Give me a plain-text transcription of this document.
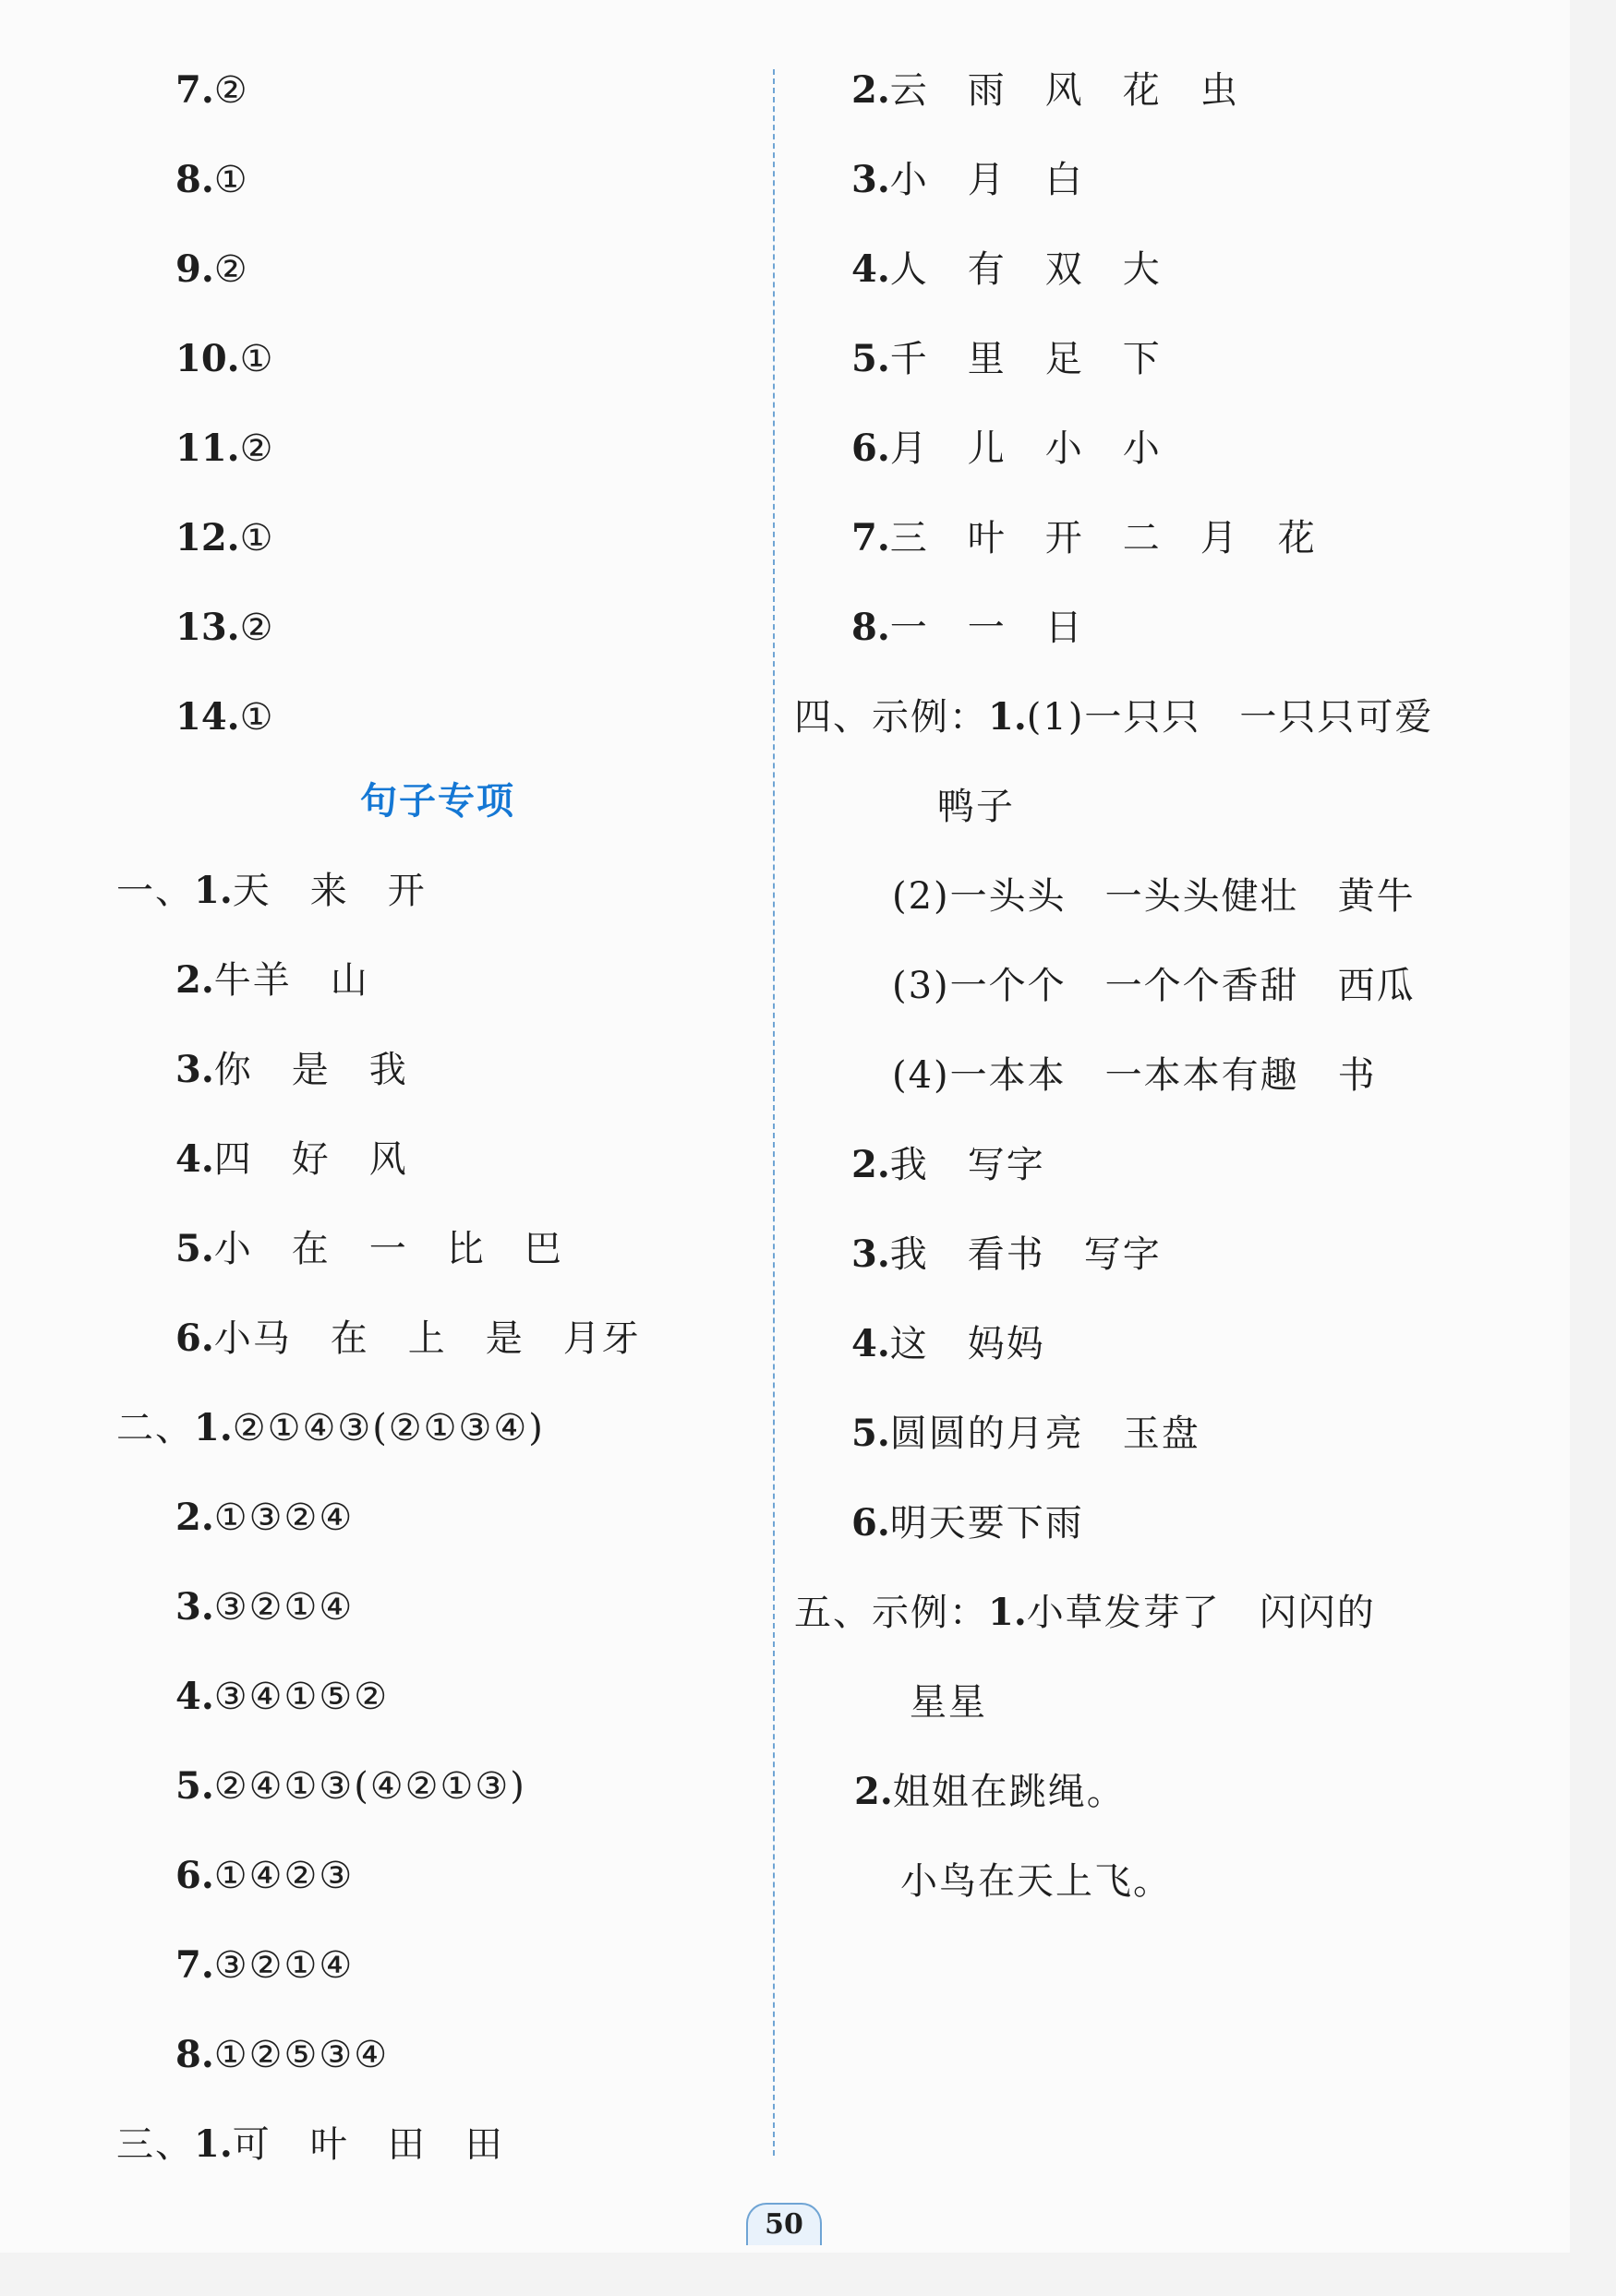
7.②
8.①
9.②
10.①
11.②
12.①
13.②
14.①
句子专项
一、1.天　来　开
2.牛羊　山
3.你　是　我
4.四　好　风
5.小　在　一　比　巴
6.小马　在　上　是　月牙
二、1.②①④③(②①③④)
2.①③②④
3.③②①④
4.③④①⑤②
5.②④①③(④②①③)
6.①④②③
7.③②①④
8.①②⑤③④
三、1.可　叶　田　田
2.云　雨　风　花　虫
3.小　月　白
4.人　有　双　大
5.千　里　足　下
6.月　儿　小　小
7.三　叶　开　二　月　花
8.一　一　日
四、示例：1.(1)一只只　一只只可爱
鸭子
(2)一头头　一头头健壮　黄牛
(3)一个个　一个个香甜　西瓜
(4)一本本　一本本有趣　书
2.我　写字
3.我　看书　写字
4.这　妈妈
5.圆圆的月亮　玉盘
6.明天要下雨
五、示例：1.小草发芽了　闪闪的
星星
2.姐姐在跳绳。
小鸟在天上飞。
50
